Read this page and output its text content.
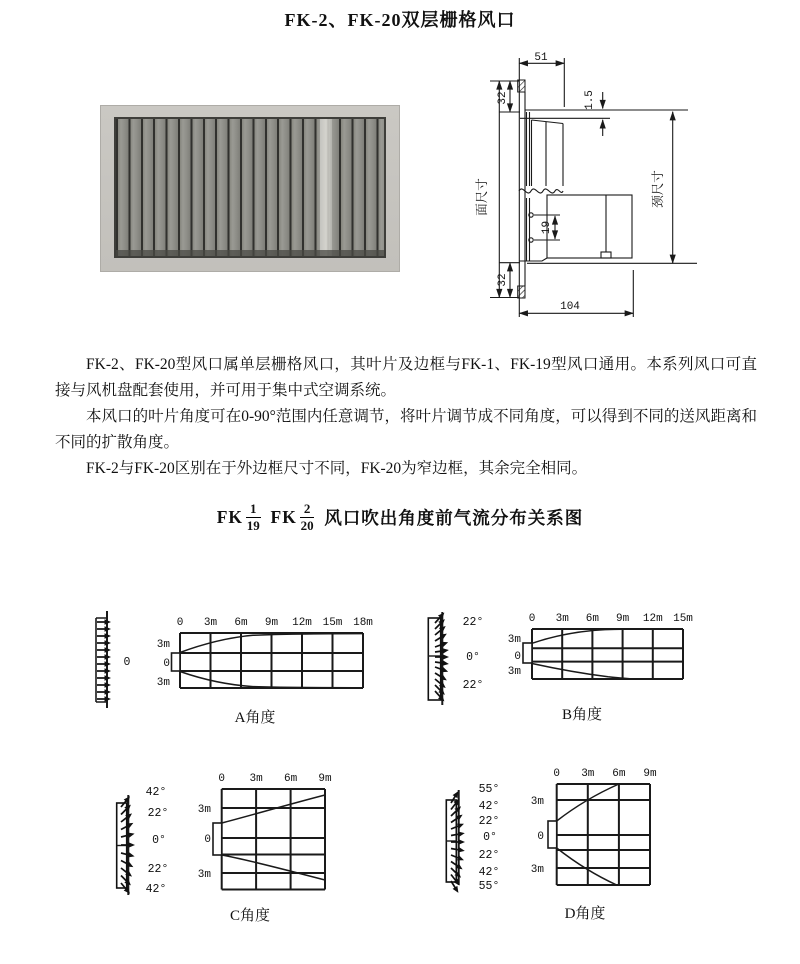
FK-2、FK-20双层栅格风口
51
1.5
32
面尺寸
32
19
颈尺寸
104

FK-2、FK-20型风口属单层栅格风口，其叶片及边框与FK-1、FK-19型风口通用。本系列风口可直接与风机盘配套使用，并可用于集中式空调系统。

本风口的叶片角度可在0-90°范围内任意调节，将叶片调节成不同角度，可以得到不同的送风距离和不同的扩散角度。

FK-2与FK-20区别在于外边框尺寸不同，FK-20为窄边框，其余完全相同。

FK $\frac{1}{19}$ FK $\frac{2}{20}$ 风口吹出角度前气流分布关系图
0
0 3m 6m 9m 12m 15m 18m
3m
0
3m
A角度
22°
0°
22°
0 3m 6m 9m 12m 15m
3m
0
3m
B角度
42°
22°
0°
22°
42°
0 3m 6m 9m
3m
0
3m
C角度
55°
42°
22°
0°
22°
42°
55°
0 3m 6m 9m
3m
0
3m
D角度
